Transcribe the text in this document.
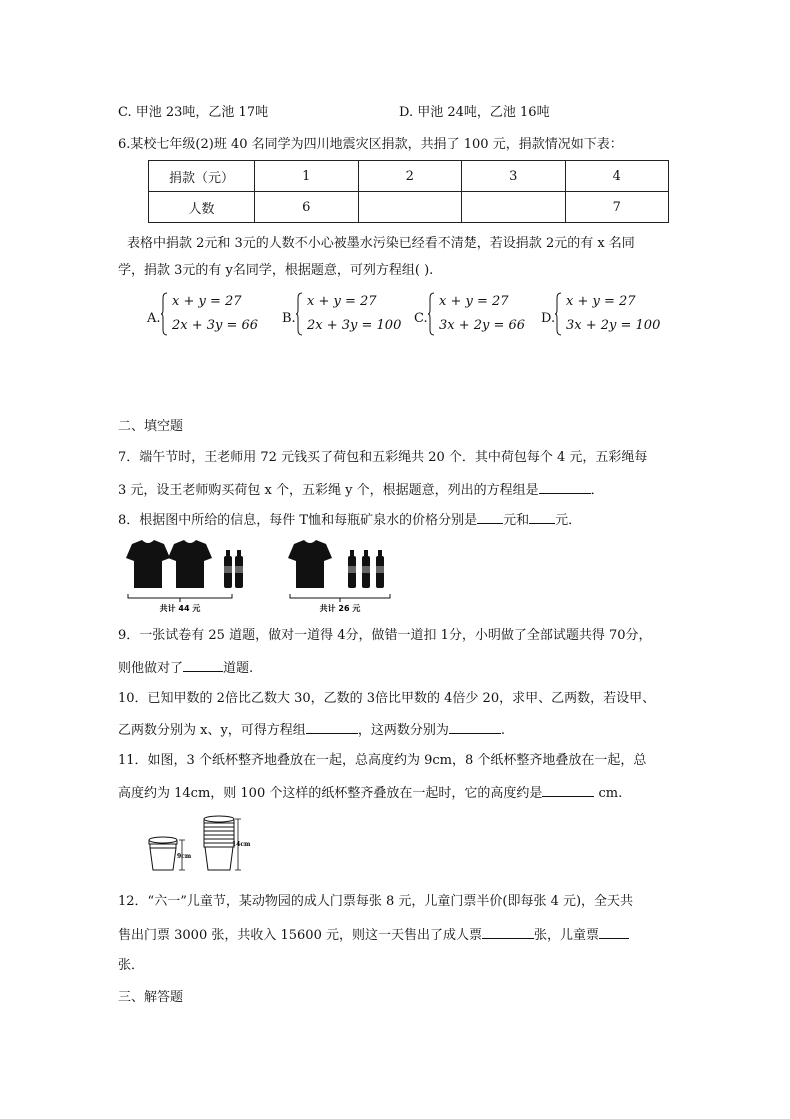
C. 甲池 23吨，乙池 17吨	D. 甲池 24吨，乙池 16吨
6.某校七年级(2)班 40 名同学为四川地震灾区捐款，共捐了 100 元，捐款情况如下表：
捐款（元）	1	2	3	4
人数	6			7
表格中捐款 2元和 3元的人数不小心被墨水污染已经看不清楚，若设捐款 2元的有 x 名同
学，捐款 3元的有 y名同学，根据题意，可列方程组( ).
A.
x + y = 27
2x + 3y = 66 B.
x + y = 27
2x + 3y = 100 C.
x + y = 27
3x + 2y = 66 D.
x + y = 27
3x + 2y = 100
二、填空题
7．端午节时，王老师用 72 元钱买了荷包和五彩绳共 20 个．其中荷包每个 4 元，五彩绳每
3 元，设王老师购买荷包 x 个，五彩绳 y 个，根据题意，列出的方程组是	．
8．根据图中所给的信息，每件 T恤和每瓶矿泉水的价格分别是 元和 元．
共计 44 元	共计 26 元
9．一张试卷有 25 道题，做对一道得 4分，做错一道扣 1分，小明做了全部试题共得 70分，
则他做对了	道题.
10．已知甲数的 2倍比乙数大 30，乙数的 3倍比甲数的 4倍少 20，求甲、乙两数，若设甲、
乙两数分别为 x、y，可得方程组	，这两数分别为	.
11．如图，3 个纸杯整齐地叠放在一起，总高度约为 9cm，8 个纸杯整齐地叠放在一起，总
高度约为 14cm，则 100 个这样的纸杯整齐叠放在一起时，它的高度约是	cm.
9cm
14cm
12．“六一”儿童节，某动物园的成人门票每张 8 元，儿童门票半价(即每张 4 元)，全天共
售出门票 3000 张，共收入 15600 元，则这一天售出了成人票	张，儿童票
张．
三、解答题
